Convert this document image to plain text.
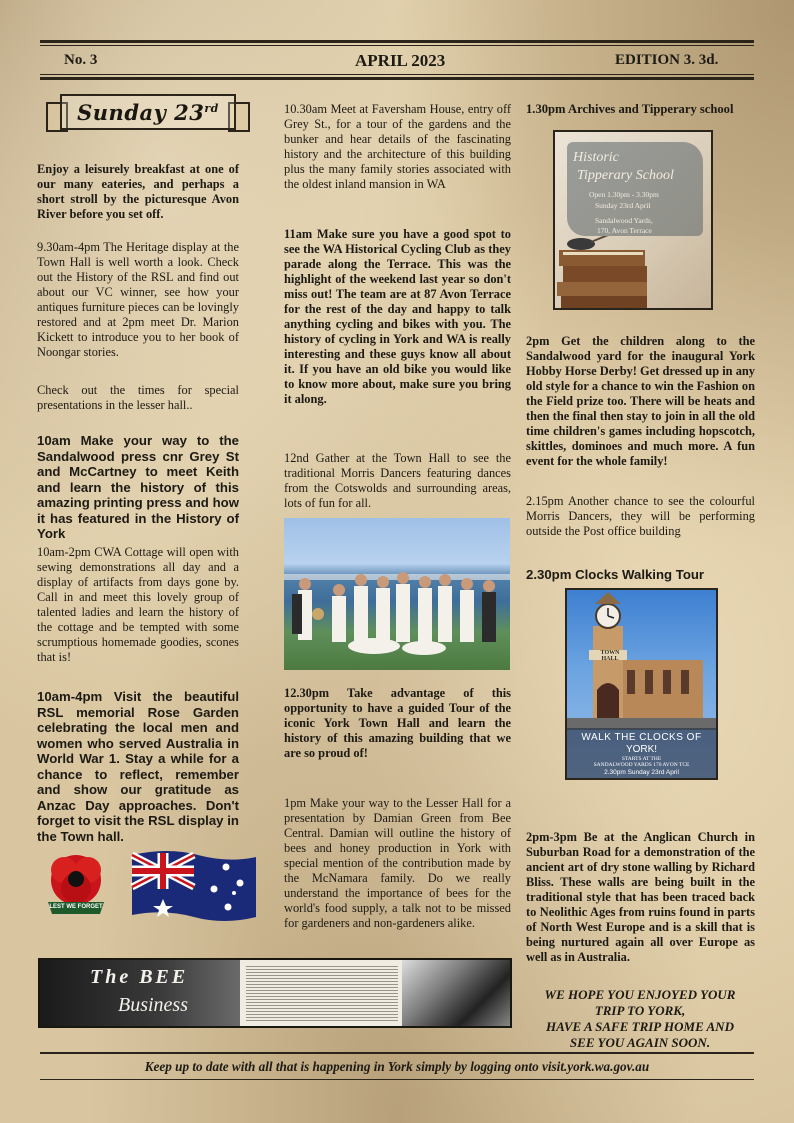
No. 3	APRIL 2023	EDITION 3. 3d.
Sunday 23rd
Enjoy a leisurely breakfast at one of our many eateries, and perhaps a short stroll by the picturesque Avon River before you set off.
9.30am-4pm The Heritage display at the Town Hall is well worth a look. Check out the History of the RSL and find out about our VC winner, see how your antiques furniture pieces can be lovingly restored and at 2pm meet Dr. Marion Kickett to introduce you to her book of Noongar stories.
Check out the times for special presentations in the lesser hall..
10am Make your way to the Sandalwood press cnr Grey St and McCartney to meet Keith and learn the history of this amazing printing press and how it has featured in the History of York
10am-2pm CWA Cottage will open with sewing demonstrations all day and a display of artifacts from days gone by. Call in and meet this lovely group of talented ladies and learn the history of the cottage and be tempted with some scrumptious homemade goodies, scones that is!
10am-4pm Visit the beautiful RSL memorial Rose Garden celebrating the local men and women who served Australia in World War 1. Stay a while for a chance to reflect, remember and show our gratitude as Anzac Day approaches. Don't forget to visit the RSL display in the Town hall.
LEST WE FORGET
10.30am Meet at Faversham House, entry off Grey St., for a tour of the gardens and the bunker and hear details of the fascinating history and the architecture of this building plus the many family stories associated with the oldest inland mansion in WA
11am Make sure you have a good spot to see the WA Historical Cycling Club as they parade along the Terrace. This was the highlight of the weekend last year so don't miss out! The team are at 87 Avon Terrace for the rest of the day and happy to talk anything cycling and bikes with you. The history of cycling in York and WA is really interesting and these guys know all about it. If you have an old bike you would like to know more about, make sure you bring it along.
12nd Gather at the Town Hall to see the traditional Morris Dancers featuring dances from the Cotswolds and surrounding areas, lots of fun for all.
12.30pm Take advantage of this opportunity to have a guided Tour of the iconic York Town Hall and learn the history of this amazing building that we are so proud of!
1pm Make your way to the Lesser Hall for a presentation by Damian Green from Bee Central. Damian will outline the history of bees and honey production in York with special mention of the contribution made by the McNamara family. Do we really understand the importance of bees for the world's food supply, a talk not to be missed for gardeners and non-gardeners alike.
1.30pm Archives and Tipperary school
Historic
Tipperary School
Open 1.30pm - 3.30pm
Sunday 23rd April
Sandalwood Yards,
170, Avon Terrace
2pm Get the children along to the Sandalwood yard for the inaugural York Hobby Horse Derby! Get dressed up in any old style for a chance to win the Fashion on the Field prize too. There will be heats and then the final then stay to join in all the old time children's games including hopscotch, skittles, dominoes and much more. A fun event for the whole family!
2.15pm Another chance to see the colourful Morris Dancers, they will be performing outside the Post office building
2.30pm Clocks Walking Tour
TOWN HALL
WALK THE CLOCKS OF
YORK!
STARTS AT THE
SANDALWOOD YARDS 170 AVON TCE
2.30pm Sunday 23rd April
2pm-3pm Be at the Anglican Church in Suburban Road for a demonstration of the ancient art of dry stone walling by Richard Bliss. These walls are being built in the traditional style that has been traced back to Neolithic Ages from ruins found in parts of North West Europe and is a skill that is being nurtured again all over Europe as well as in Australia.
The BEE
Business	WE HOPE YOU ENJOYED YOUR
TRIP TO YORK,
HAVE A SAFE TRIP HOME AND
SEE YOU AGAIN SOON.
Keep up to date with all that is happening in York simply by logging onto visit.york.wa.gov.au
